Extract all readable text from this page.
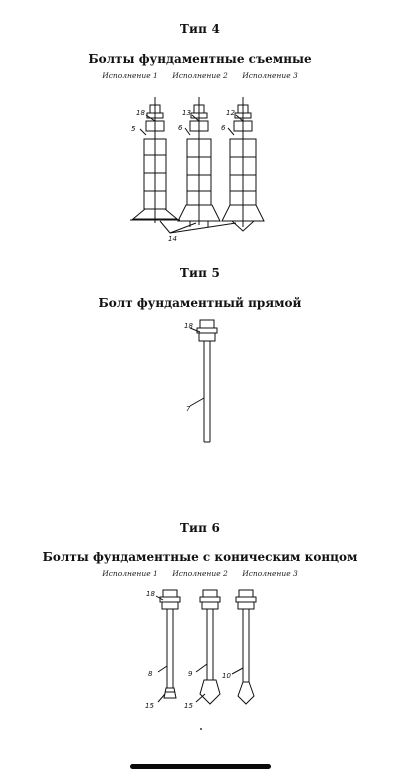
Тип 4
Болты фундаментные съемные
Исполнение 1 Исполнение 2 Исполнение 3
18
5
13
6
12
6
14
Тип 5
Болт фундаментный прямой
18
7
Тип 6
Болты фундаментные с коническим концом
Исполнение 1 Исполнение 2 Исполнение 3
18
8
15
9
15
10
